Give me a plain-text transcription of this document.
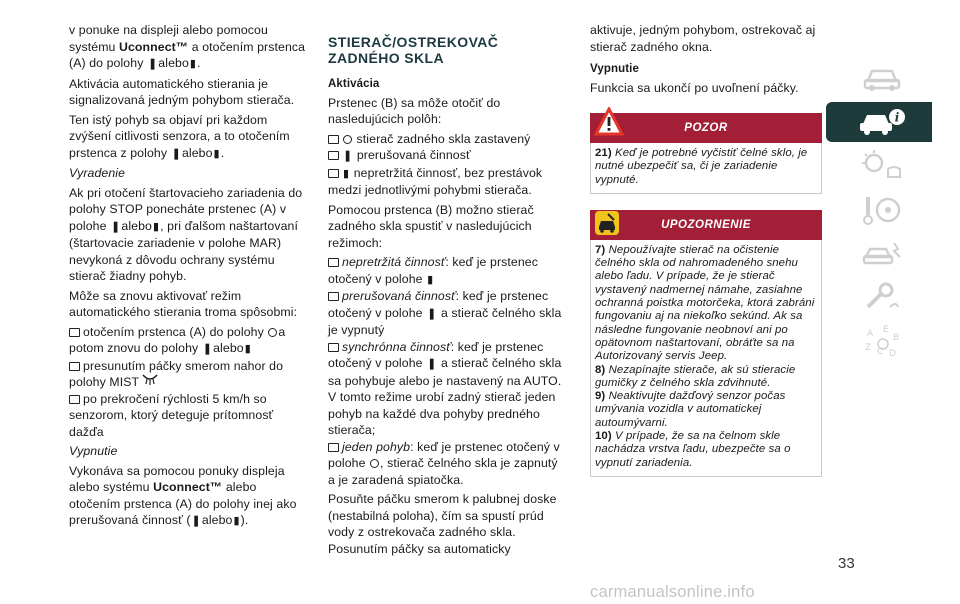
v ponuke na displeji alebo pomocou systému Uconnect™ a otočením prstenca (A) do polohy ❚alebo▮.

Aktivácia automatického stierania je signalizovaná jedným pohybom stierača.

Ten istý pohyb sa objaví pri každom zvýšení citlivosti senzora, a to otočením prstenca z polohy ❚alebo▮.

Vyradenie

Ak pri otočení štartovacieho zariadenia do polohy STOP ponecháte prstenec (A) v polohe ❚alebo▮, pri ďalšom naštartovaní (štartovacie zariadenie v polohe MAR) nevykoná z dôvodu ochrany systému stierač žiadny pohyb.

Môže sa znovu aktivovať režim automatického stierania troma spôsobmi:

otočením prstenca (A) do polohy a potom znovu do polohy ❚alebo▮
presunutím páčky smerom nahor do polohy MIST
po prekročení rýchlosti 5 km/h so senzorom, ktorý deteguje prítomnosť dažďa

Vypnutie

Vykonáva sa pomocou ponuky displeja alebo systému Uconnect™ alebo otočením prstenca (A) do polohy inej ako prerušovaná činnosť (❚alebo▮).

STIERAČ/OSTREKOVAČ ZADNÉHO SKLA
Aktivácia

Prstenec (B) sa môže otočiť do nasledujúcich polôh:

stierač zadného skla zastavený
❚ prerušovaná činnosť
▮ nepretržitá činnosť, bez prestávok medzi jednotlivými pohybmi stierača.

Pomocou prstenca (B) možno stierač zadného skla spustiť v nasledujúcich režimoch:

nepretržitá činnosť: keď je prstenec otočený v polohe ▮
prerušovaná činnosť: keď je prstenec otočený v polohe ❚ a stierač čelného skla je vypnutý
synchrónna činnosť: keď je prstenec otočený v polohe ❚ a stierač čelného skla sa pohybuje alebo je nastavený na AUTO. V tomto režime urobí zadný stierač jeden pohyb na každé dva pohyby predného stierača;
jeden pohyb: keď je prstenec otočený v polohe , stierač čelného skla je zapnutý a je zaradená spiatočka.

Posuňte páčku smerom k palubnej doske (nestabilná poloha), čím sa spustí prúd vody z ostrekovača zadného skla. Posunutím páčky sa automaticky

aktivuje, jedným pohybom, ostrekovač aj stierač zadného okna.

Vypnutie

Funkcia sa ukončí po uvoľnení páčky.

POZOR
21) Keď je potrebné vyčistiť čelné sklo, je nutné ubezpečiť sa, či je zariadenie vypnuté.
UPOZORNENIE
7) Nepoužívajte stierač na očistenie čelného skla od nahromadeného snehu alebo ľadu. V prípade, že je stierač vystavený nadmernej námahe, zasiahne ochranná poistka motorčeka, ktorá zabráni fungovaniu aj na niekoľko sekúnd. Ak sa následne fungovanie neobnoví ani po opätovnom naštartovaní, obráťte sa na Autorizovaný servis Jeep.
8) Nezapínajte stierače, ak sú stieracie gumičky z čelného skla zdvihnuté.
9) Neaktivujte dažďový senzor počas umývania vozidla v automatickej autoumývarni.
10) V prípade, že sa na čelnom skle nachádza vrstva ľadu, ubezpečte sa o vypnutí zariadenia.
i
A E
B
Z C D
33
carmanualsonline.info
